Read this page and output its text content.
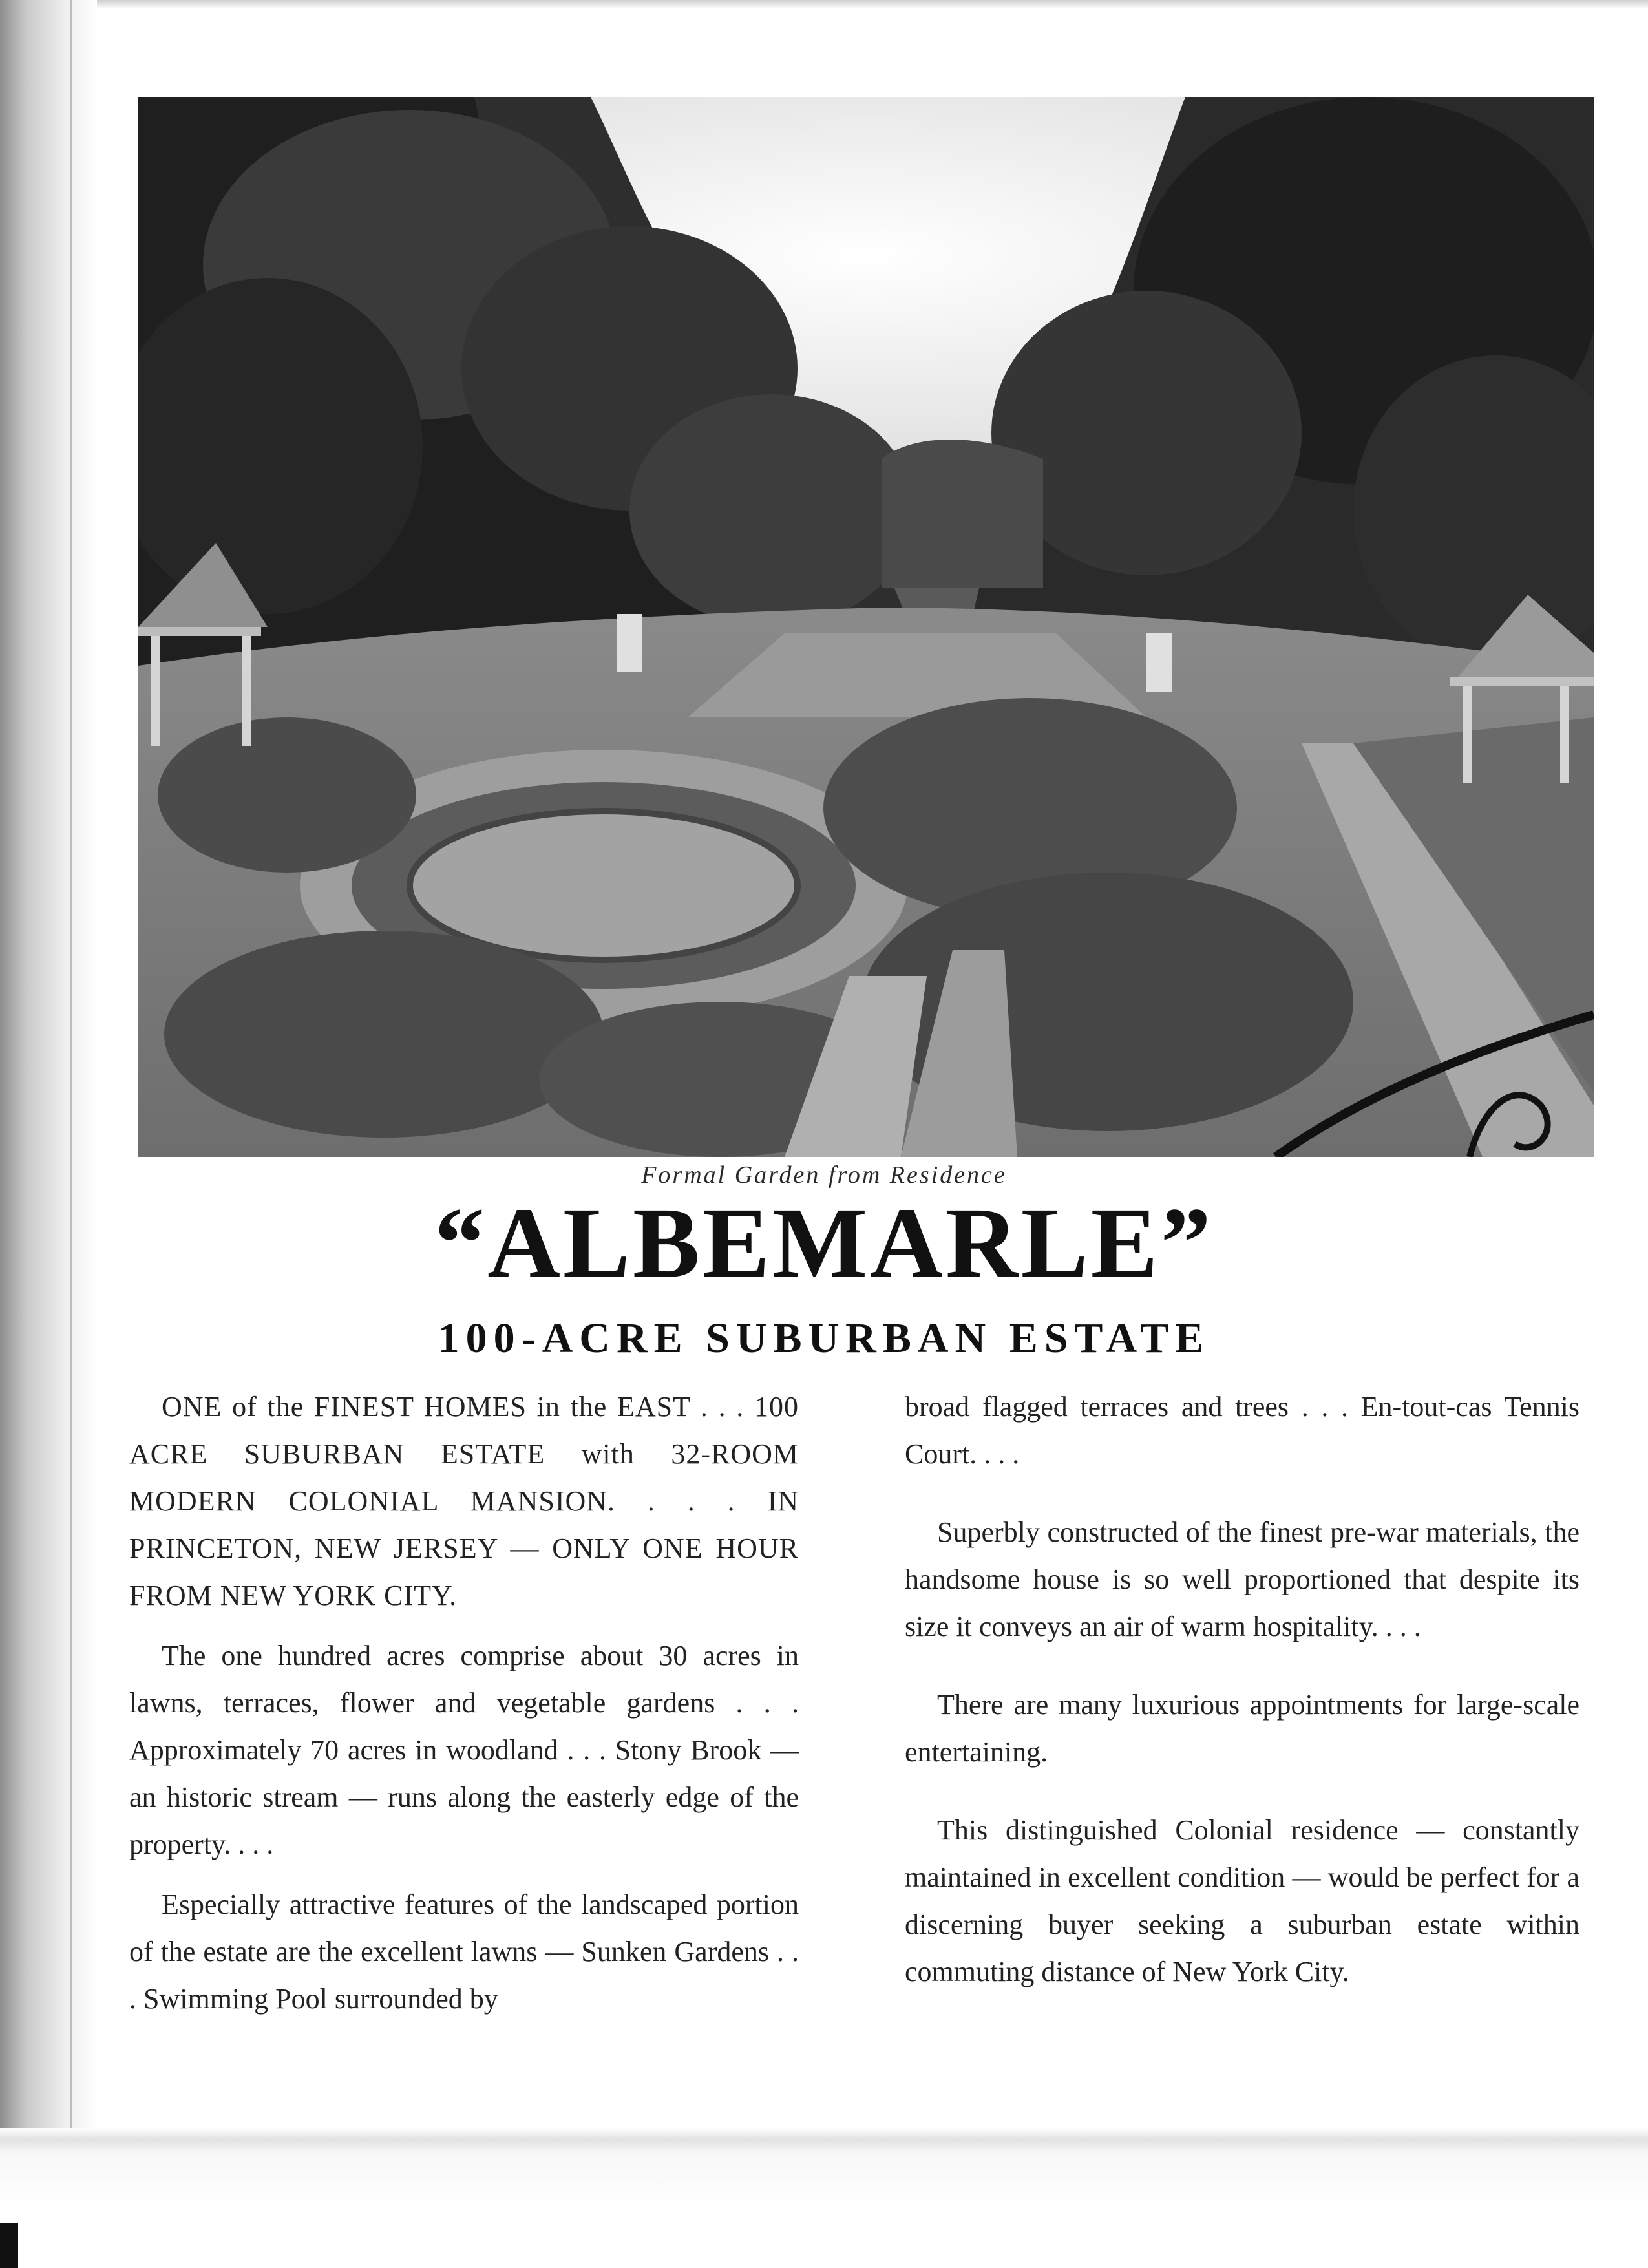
Formal Garden from Residence
“ALBEMARLE”
100-ACRE SUBURBAN ESTATE

ONE of the FINEST HOMES in the EAST . . . 100 ACRE SUBURBAN ESTATE with 32-ROOM MODERN COLONIAL MANSION. . . . IN PRINCETON, NEW JERSEY — ONLY ONE HOUR FROM NEW YORK CITY.

The one hundred acres comprise about 30 acres in lawns, terraces, flower and vegetable gardens . . . Approximately 70 acres in woodland . . . Stony Brook — an historic stream — runs along the easterly edge of the property. . . .

Especially attractive features of the landscaped portion of the estate are the excellent lawns — Sunken Gardens . . . Swimming Pool surrounded by

broad flagged terraces and trees . . . En-tout-cas Tennis Court. . . .

Superbly constructed of the finest pre-war materials, the handsome house is so well proportioned that despite its size it conveys an air of warm hospitality. . . .

There are many luxurious appointments for large-scale entertaining.

This distinguished Colonial residence — constantly maintained in excellent condition — would be perfect for a discerning buyer seeking a suburban estate within commuting distance of New York City.
